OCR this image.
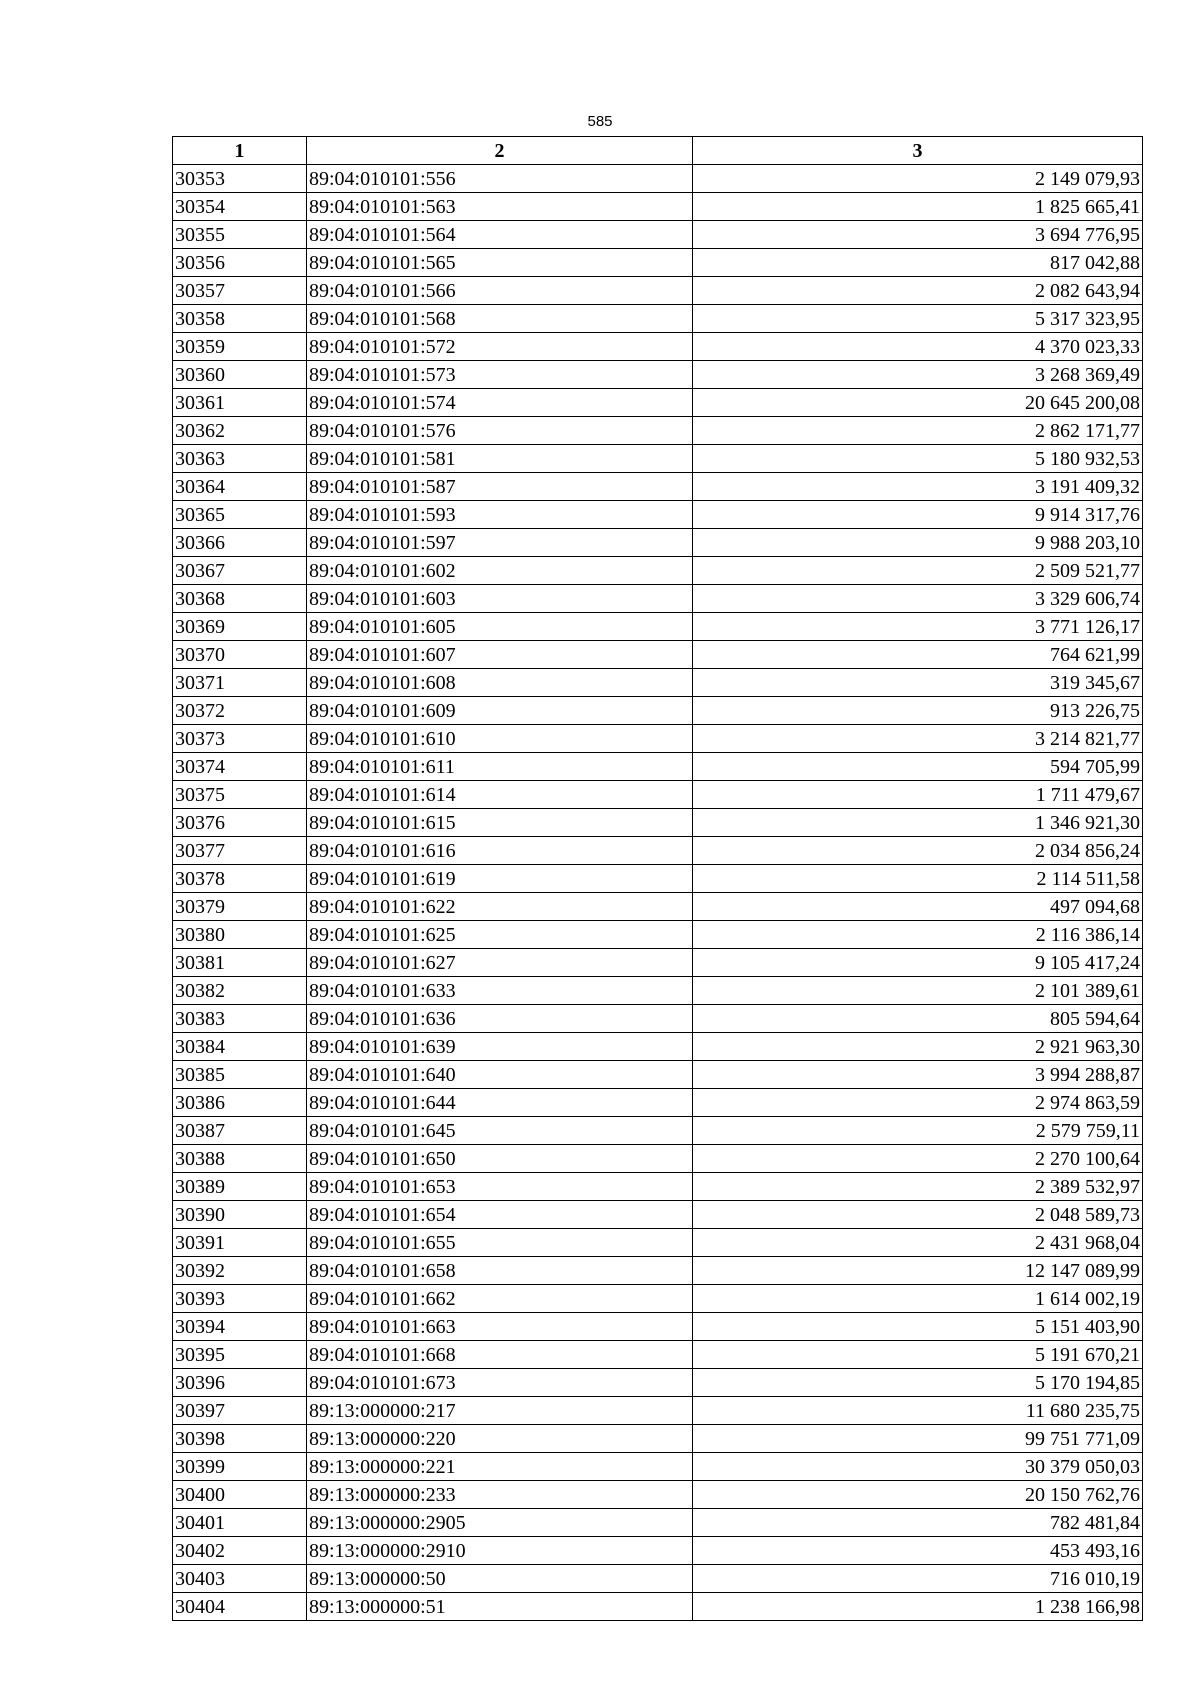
585
1	2	3
30353	89:04:010101:556	2 149 079,93
30354	89:04:010101:563	1 825 665,41
30355	89:04:010101:564	3 694 776,95
30356	89:04:010101:565	817 042,88
30357	89:04:010101:566	2 082 643,94
30358	89:04:010101:568	5 317 323,95
30359	89:04:010101:572	4 370 023,33
30360	89:04:010101:573	3 268 369,49
30361	89:04:010101:574	20 645 200,08
30362	89:04:010101:576	2 862 171,77
30363	89:04:010101:581	5 180 932,53
30364	89:04:010101:587	3 191 409,32
30365	89:04:010101:593	9 914 317,76
30366	89:04:010101:597	9 988 203,10
30367	89:04:010101:602	2 509 521,77
30368	89:04:010101:603	3 329 606,74
30369	89:04:010101:605	3 771 126,17
30370	89:04:010101:607	764 621,99
30371	89:04:010101:608	319 345,67
30372	89:04:010101:609	913 226,75
30373	89:04:010101:610	3 214 821,77
30374	89:04:010101:611	594 705,99
30375	89:04:010101:614	1 711 479,67
30376	89:04:010101:615	1 346 921,30
30377	89:04:010101:616	2 034 856,24
30378	89:04:010101:619	2 114 511,58
30379	89:04:010101:622	497 094,68
30380	89:04:010101:625	2 116 386,14
30381	89:04:010101:627	9 105 417,24
30382	89:04:010101:633	2 101 389,61
30383	89:04:010101:636	805 594,64
30384	89:04:010101:639	2 921 963,30
30385	89:04:010101:640	3 994 288,87
30386	89:04:010101:644	2 974 863,59
30387	89:04:010101:645	2 579 759,11
30388	89:04:010101:650	2 270 100,64
30389	89:04:010101:653	2 389 532,97
30390	89:04:010101:654	2 048 589,73
30391	89:04:010101:655	2 431 968,04
30392	89:04:010101:658	12 147 089,99
30393	89:04:010101:662	1 614 002,19
30394	89:04:010101:663	5 151 403,90
30395	89:04:010101:668	5 191 670,21
30396	89:04:010101:673	5 170 194,85
30397	89:13:000000:217	11 680 235,75
30398	89:13:000000:220	99 751 771,09
30399	89:13:000000:221	30 379 050,03
30400	89:13:000000:233	20 150 762,76
30401	89:13:000000:2905	782 481,84
30402	89:13:000000:2910	453 493,16
30403	89:13:000000:50	716 010,19
30404	89:13:000000:51	1 238 166,98
